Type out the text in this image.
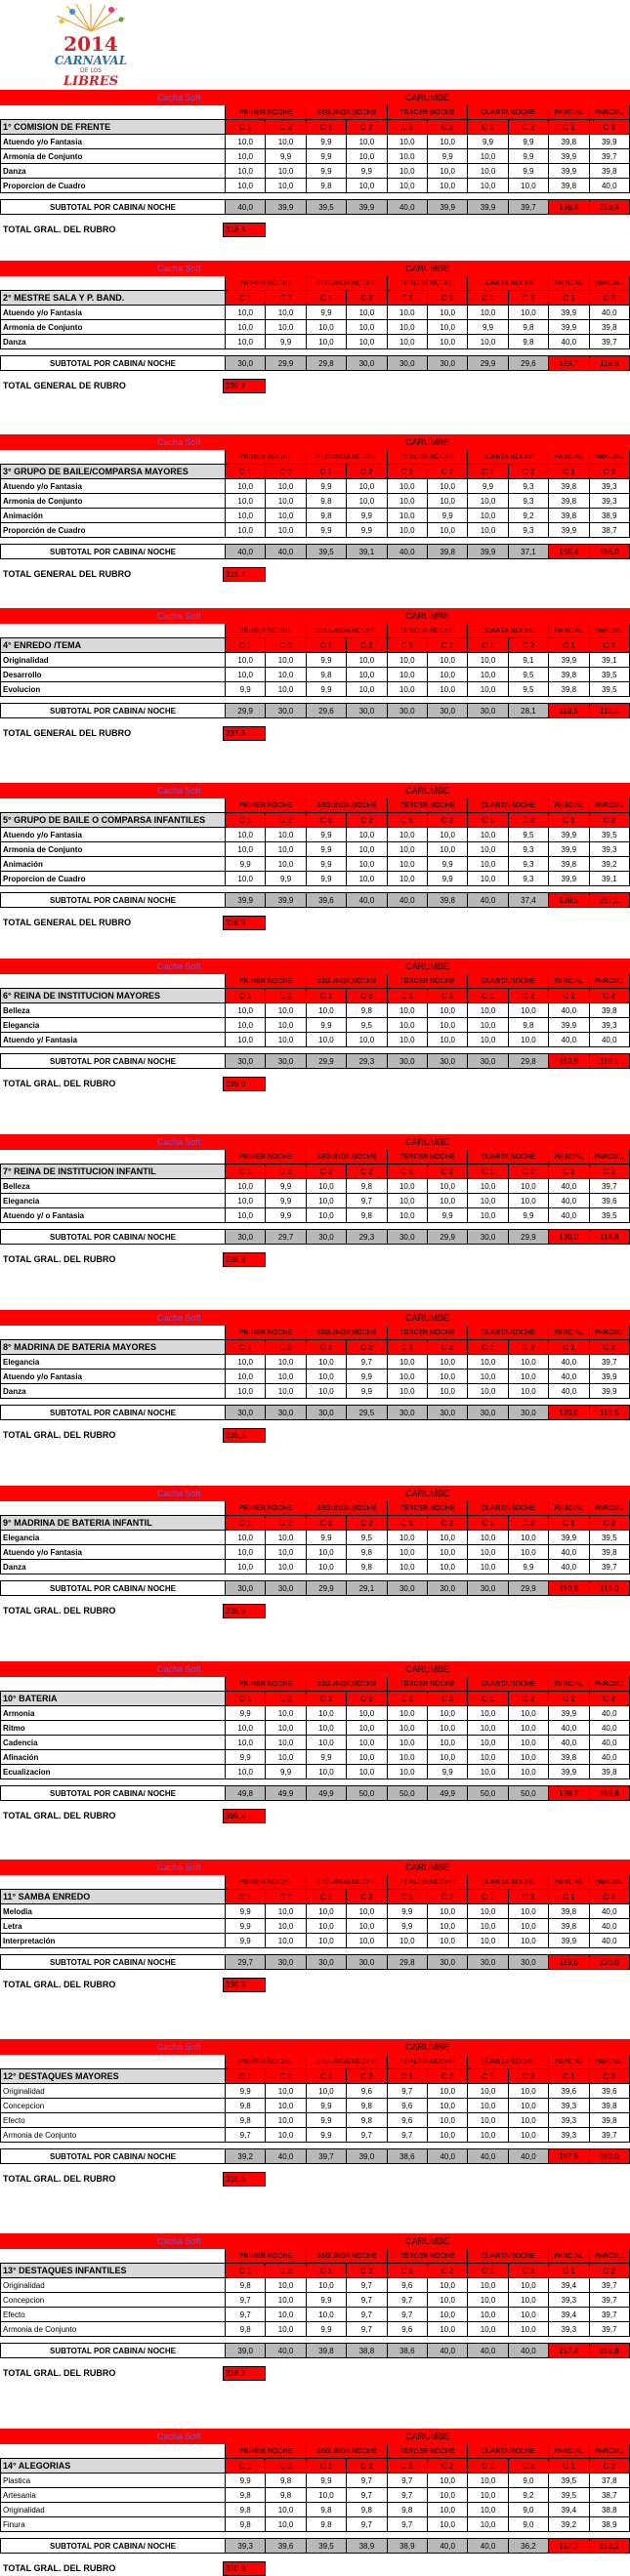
2014
CARNAVAL
DE LOS
LIBRES
Cacha Soft	CARUMBE									
	PRIMER NOCHE		SEGUNDA NOCHE		TERCER NOCHE		CUARTA NOCHE		PARCIAL	PARCIAL
1° COMISION DE FRENTE	C 1	C 2	C 1	C 2	C 1	C 2	C 1	C 2	C 1	C 2
Atuendo y/o Fantasia	10,0	10,0	9,9	10,0	10,0	10,0	9,9	9,9	39,8	39,9
Armonia de Conjunto	10,0	9,9	9,9	10,0	10,0	9,9	10,0	9,9	39,9	39,7
Danza	10,0	10,0	9,9	9,9	10,0	10,0	10,0	9,9	39,9	39,8
Proporcion de Cuadro	10,0	10,0	9,8	10,0	10,0	10,0	10,0	10,0	39,8	40,0

SUBTOTAL POR CABINA/ NOCHE	40,0	39,9	39,5	39,9	40,0	39,9	39,9	39,7	159,4	159,4
TOTAL GRAL. DEL RUBRO	318,8
Cacha Soft	CARUMBE									
	PRIMER NOCHE		SEGUNDA NOCHE		TERCER NOCHE		CUARTA NOCHE		PARCIAL	PARCIAL
2° MESTRE SALA Y P. BAND.	C 1	C 2	C 1	C 2	C 1	C 2	C 1	C 2	C 1	C 2
Atuendo y/o Fantasia	10,0	10,0	9,9	10,0	10,0	10,0	10,0	10,0	39,9	40,0
Armonia de Conjunto	10,0	10,0	10,0	10,0	10,0	10,0	9,9	9,8	39,9	39,8
Danza	10,0	9,9	10,0	10,0	10,0	10,0	10,0	9,8	40,0	39,7

SUBTOTAL POR CABINA/ NOCHE	30,0	29,9	29,8	30,0	30,0	30,0	29,9	29,6	119,7	119,5
TOTAL GENERAL DE RUBRO	239,2
Cacha Soft	CARUMBE									
	PRIMER NOCHE		SEGUNDA NOCHE		TERCER NOCHE		CUARTA NOCHE		PARCIAL	PARCIAL
3° GRUPO DE BAILE/COMPARSA MAYORES	C 1	C 2	C 1	C 2	C 1	C 2	C 1	C 2	C 1	C 2
Atuendo y/o Fantasia	10,0	10,0	9,9	10,0	10,0	10,0	9,9	9,3	39,8	39,3
Armonia de Conjunto	10,0	10,0	9,8	10,0	10,0	10,0	10,0	9,3	39,8	39,3
Animación	10,0	10,0	9,8	9,9	10,0	9,9	10,0	9,2	39,8	38,9
Proporción de Cuadro	10,0	10,0	9,9	9,9	10,0	10,0	10,0	9,3	39,9	38,7

SUBTOTAL POR CABINA/ NOCHE	40,0	40,0	39,5	39,1	40,0	39,8	39,9	37,1	159,4	156,0
TOTAL GENERAL DEL RUBRO	315,4
Cacha Soft	CARUMBE									
	PRIMER NOCHE		SEGUNDA NOCHE		TERCER NOCHE		CUARTA NOCHE		PARCIAL	PARCIAL
4° ENREDO /TEMA	C 1	C 2	C 1	C 2	C 1	C 2	C 1	C 2	C 1	C 2
Originalidad	10,0	10,0	9,9	10,0	10,0	10,0	10,0	9,1	39,9	39,1
Desarrollo	10,0	10,0	9,8	10,0	10,0	10,0	10,0	9,5	39,8	39,5
Evolucion	9,9	10,0	9,9	10,0	10,0	10,0	10,0	9,5	39,8	39,5

SUBTOTAL POR CABINA/ NOCHE	29,9	30,0	29,6	30,0	30,0	30,0	30,0	28,1	119,5	118,1
TOTAL GENERAL DEL RUBRO	237,6
Cacha Soft	CARUMBE									
	PRIMER NOCHE		SEGUNDA NOCHE		TERCER NOCHE		CUARTA NOCHE		PARCIAL	PARCIAL
5° GRUPO DE BAILE O COMPARSA INFANTILES	C 1	C 2	C 1	C 2	C 1	C 2	C 1	C 2	C 1	C 2
Atuendo y/o Fantasia	10,0	10,0	9,9	10,0	10,0	10,0	10,0	9,5	39,9	39,5
Armonia de Conjunto	10,0	10,0	9,9	10,0	10,0	10,0	10,0	9,3	39,9	39,3
Animación	9,9	10,0	9,9	10,0	10,0	9,9	10,0	9,3	39,8	39,2
Proporcion de Cuadro	10,0	9,9	9,9	10,0	10,0	9,9	10,0	9,3	39,9	39,1

SUBTOTAL POR CABINA/ NOCHE	39,9	39,9	39,6	40,0	40,0	39,8	40,0	37,4	159,5	157,1
TOTAL GENERAL DEL RUBRO	316,6
Cacha Soft	CARUMBE									
	PRIMER NOCHE		SEGUNDA NOCHE		TERCER NOCHE		CUARTA NOCHE		PARCIAL	PARCIAL
6° REINA DE INSTITUCION MAYORES	C 1	C 2	C 1	C 2	C 1	C 2	C 1	C 2	C 1	C 2
Belleza	10,0	10,0	10,0	9,8	10,0	10,0	10,0	10,0	40,0	39,8
Elegancia	10,0	10,0	9,9	9,5	10,0	10,0	10,0	9,8	39,9	39,3
Atuendo y/ Fantasia	10,0	10,0	10,0	10,0	10,0	10,0	10,0	10,0	40,0	40,0

SUBTOTAL POR CABINA/ NOCHE	30,0	30,0	29,9	29,3	30,0	30,0	30,0	29,8	119,9	119,1
TOTAL GRAL. DEL RUBRO	239,0
Cacha Soft	CARUMBE									
	PRIMER NOCHE		SEGUNDA NOCHE		TERCER NOCHE		CUARTA NOCHE		PARCIAL	PARCIAL
7° REINA DE INSTITUCION INFANTIL	C 1	C 2	C 1	C 2	C 1	C 2	C 1	C 2	C 1	C 2
Belleza	10,0	9,9	10,0	9,8	10,0	10,0	10,0	10,0	40,0	39,7
Elegancia	10,0	9,9	10,0	9,7	10,0	10,0	10,0	10,0	40,0	39,6
Atuendo y/ o Fantasia	10,0	9,9	10,0	9,8	10,0	9,9	10,0	9,9	40,0	39,5

SUBTOTAL POR CABINA/ NOCHE	30,0	29,7	30,0	29,3	30,0	29,9	30,0	29,9	120,0	118,8
TOTAL GRAL. DEL RUBRO	238,8
Cacha Soft	CARUMBE									
	PRIMER NOCHE		SEGUNDA NOCHE		TERCER NOCHE		CUARTA NOCHE		PARCIAL	PARCIAL
8° MADRINA DE BATERIA MAYORES	C 1	C 2	C 1	C 2	C 1	C 2	C 1	C 2	C 1	C 2
Elegancia	10,0	10,0	10,0	9,7	10,0	10,0	10,0	10,0	40,0	39,7
Atuendo y/o Fantasia	10,0	10,0	10,0	9,9	10,0	10,0	10,0	10,0	40,0	39,9
Danza	10,0	10,0	10,0	9,9	10,0	10,0	10,0	10,0	40,0	39,9

SUBTOTAL POR CABINA/ NOCHE	30,0	30,0	30,0	29,5	30,0	30,0	30,0	30,0	120,0	119,5
TOTAL GRAL. DEL RUBRO	239,5
Cacha Soft	CARUMBE									
	PRIMER NOCHE		SEGUNDA NOCHE		TERCER NOCHE		CUARTA NOCHE		PARCIAL	PARCIAL
9° MADRINA DE BATERIA INFANTIL	C 1	C 2	C 1	C 2	C 1	C 2	C 1	C 2	C 1	C 2
Elegancia	10,0	10,0	9,9	9,5	10,0	10,0	10,0	10,0	39,9	39,5
Atuendo y/o Fantasia	10,0	10,0	10,0	9,8	10,0	10,0	10,0	10,0	40,0	39,8
Danza	10,0	10,0	10,0	9,8	10,0	10,0	10,0	9,9	40,0	39,7

SUBTOTAL POR CABINA/ NOCHE	30,0	30,0	29,9	29,1	30,0	30,0	30,0	29,9	119,9	119,0
TOTAL GRAL. DEL RUBRO	238,9
Cacha Soft	CARUMBE									
	PRIMER NOCHE		SEGUNDA NOCHE		TERCER NOCHE		CUARTA NOCHE		PARCIAL	PARCIAL
10° BATERIA	C 1	C 2	C 1	C 2	C 1	C 2	C 1	C 2	C 1	C 2
Armonia	9,9	10,0	10,0	10,0	10,0	10,0	10,0	10,0	39,9	40,0
Ritmo	10,0	10,0	10,0	10,0	10,0	10,0	10,0	10,0	40,0	40,0
Cadencia	10,0	10,0	10,0	10,0	10,0	10,0	10,0	10,0	40,0	40,0
Afinación	9,9	10,0	9,9	10,0	10,0	10,0	10,0	10,0	39,8	40,0
Ecualizacion	10,0	9,9	10,0	10,0	10,0	9,9	10,0	10,0	39,9	39,8

SUBTOTAL POR CABINA/ NOCHE	49,8	49,9	49,9	50,0	50,0	49,9	50,0	50,0	199,7	199,8
TOTAL GRAL. DEL RUBRO	399,5
Cacha Soft	CARUMBE									
	PRIMER NOCHE		SEGUNDA NOCHE		TERCER NOCHE		CUARTA NOCHE		PARCIAL	PARCIAL
11° SAMBA ENREDO	C 1	C 2	C 1	C 2	C 1	C 2	C 1	C 2	C 1	C 2
Melodia	9,9	10,0	10,0	10,0	9,9	10,0	10,0	10,0	39,8	40,0
Letra	9,9	10,0	10,0	10,0	9,9	10,0	10,0	10,0	39,8	40,0
Interpretación	9,9	10,0	10,0	10,0	10,0	10,0	10,0	10,0	39,9	40,0

SUBTOTAL POR CABINA/ NOCHE	29,7	30,0	30,0	30,0	29,8	30,0	30,0	30,0	119,5	120,0
TOTAL GRAL. DEL RUBRO	239,5
Cacha Soft	CARUMBE									
	PRIMER NOCHE		SEGUNDA NOCHE		TERCER NOCHE		CUARTA NOCHE		PARCIAL	PARCIAL
12° DESTAQUES MAYORES	C 1	C 2	C 1	C 2	C 1	C 2	C 1	C 2	C 1	C 2
Originalidad	9,9	10,0	10,0	9,6	9,7	10,0	10,0	10,0	39,6	39,6
Concepcion	9,8	10,0	9,9	9,8	9,6	10,0	10,0	10,0	39,3	39,8
Efecto	9,8	10,0	9,9	9,8	9,6	10,0	10,0	10,0	39,3	39,8
Armonia de Conjunto	9,7	10,0	9,9	9,7	9,7	10,0	10,0	10,0	39,3	39,7

SUBTOTAL POR CABINA/ NOCHE	39,2	40,0	39,7	39,0	38,6	40,0	40,0	40,0	157,5	159,0
TOTAL GRAL. DEL RUBRO	316,5
Cacha Soft	CARUMBE									
	PRIMER NOCHE		SEGUNDA NOCHE		TERCER NOCHE		CUARTA NOCHE		PARCIAL	PARCIAL
13° DESTAQUES INFANTILES	C 1	C 2	C 1	C 2	C 1	C 2	C 1	C 2	C 1	C 2
Originalidad	9,8	10,0	10,0	9,7	9,6	10,0	10,0	10,0	39,4	39,7
Concepcion	9,7	10,0	9,9	9,7	9,7	10,0	10,0	10,0	39,3	39,7
Efecto	9,7	10,0	10,0	9,7	9,7	10,0	10,0	10,0	39,4	39,7
Armonia de Conjunto	9,8	10,0	9,9	9,7	9,6	10,0	10,0	10,0	39,3	39,7

SUBTOTAL POR CABINA/ NOCHE	39,0	40,0	39,8	38,8	38,6	40,0	40,0	40,0	157,4	158,8
TOTAL GRAL. DEL RUBRO	316,2
Cacha Soft	CARUMBE									
	PRIMER NOCHE		SEGUNDA NOCHE		TERCER NOCHE		CUARTA NOCHE		PARCIAL	PARCIAL
14° ALEGORIAS	C 1	C 2	C 1	C 2	C 1	C 2	C 1	C 2	C 1	C 2
Plastica	9,9	9,8	9,9	9,7	9,7	10,0	10,0	9,0	39,5	37,8
Artesania	9,8	9,8	10,0	9,7	9,7	10,0	10,0	9,2	39,5	38,7
Originalidad	9,8	10,0	9,8	9,8	9,8	10,0	10,0	9,0	39,4	38,8
Finura	9,8	10,0	9,8	9,7	9,7	10,0	10,0	9,0	39,2	38,9

SUBTOTAL POR CABINA/ NOCHE	39,3	39,6	39,5	38,9	38,9	40,0	40,0	36,2	157,7	153,2
TOTAL GRAL. DEL RUBRO	310,9
